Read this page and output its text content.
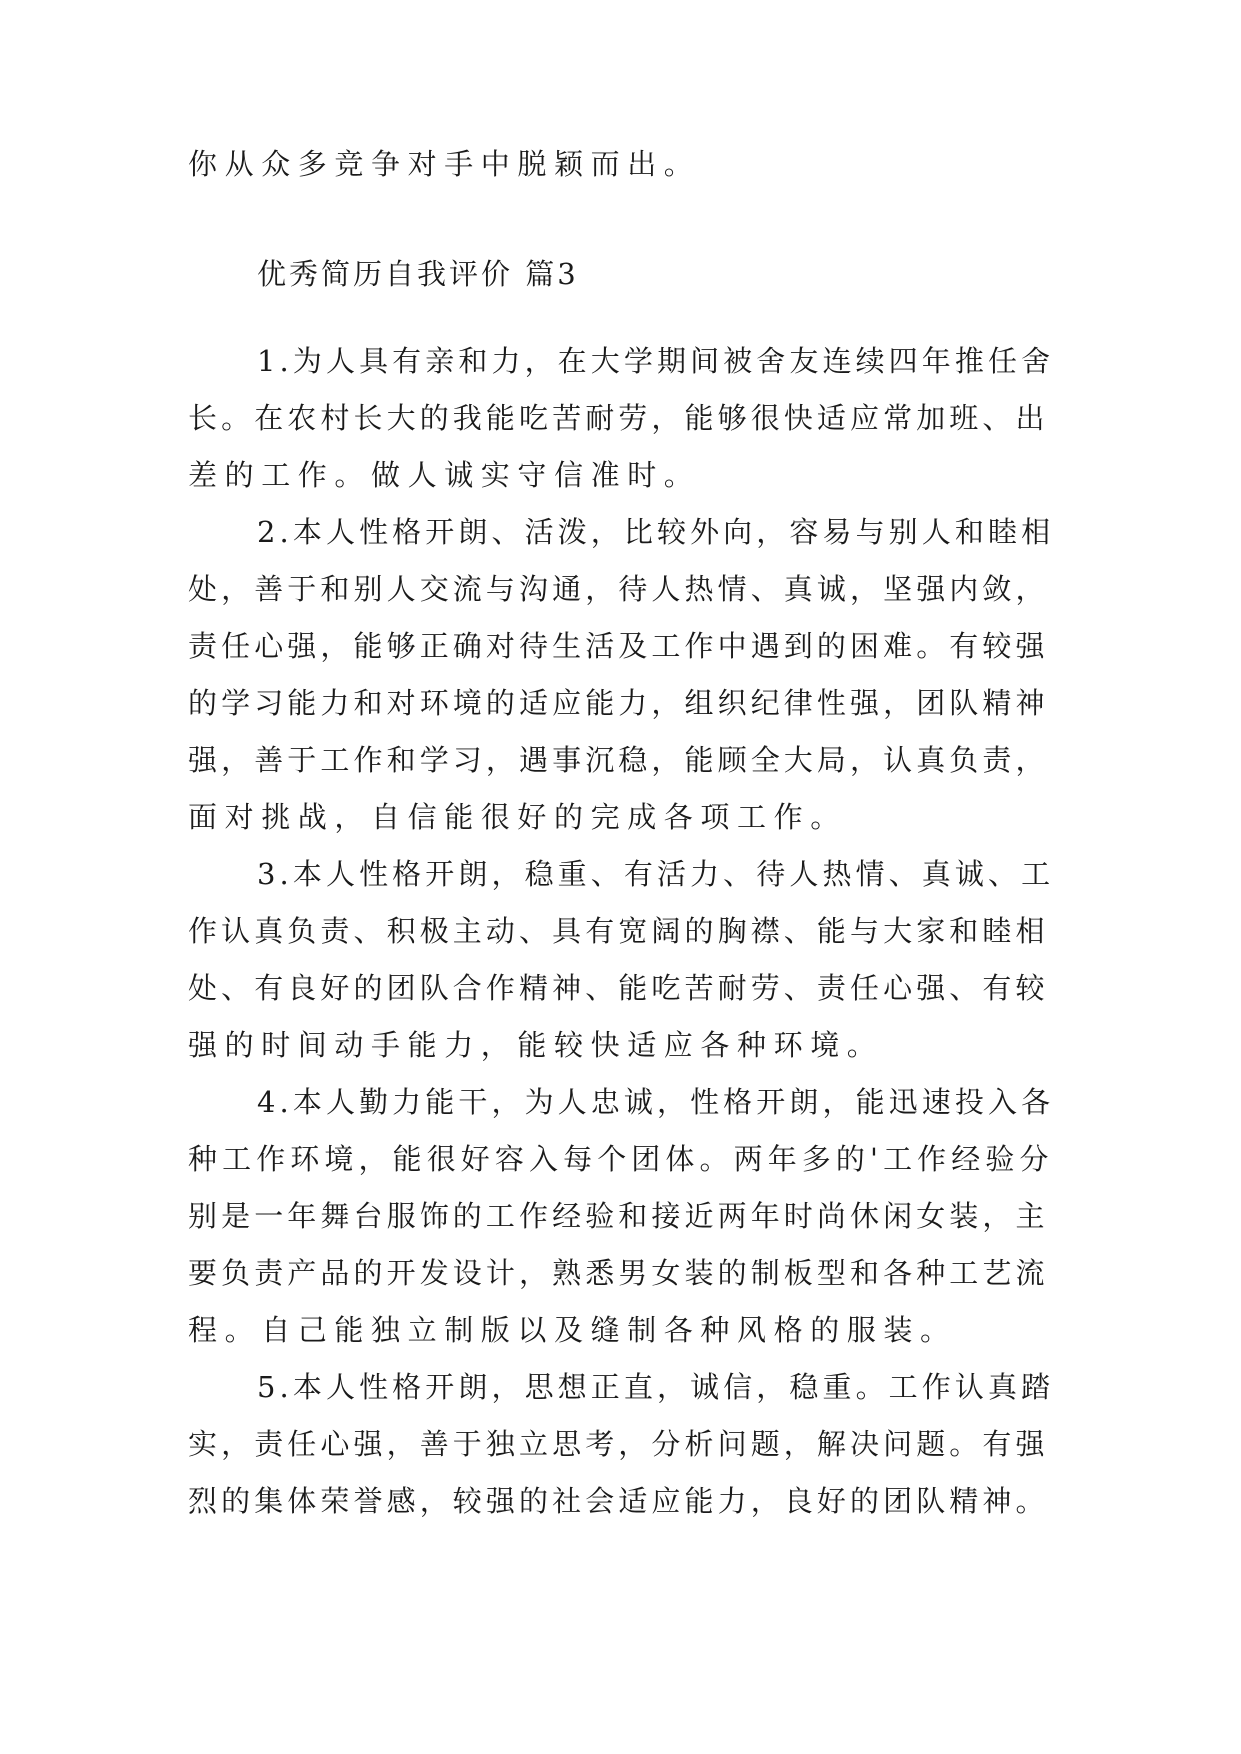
你从众多竞争对手中脱颖而出。
优秀简历自我评价 篇3
1.为人具有亲和力，在大学期间被舍友连续四年推任舍
长。在农村长大的我能吃苦耐劳，能够很快适应常加班、出
差的工作。做人诚实守信准时。
2.本人性格开朗、活泼，比较外向，容易与别人和睦相
处，善于和别人交流与沟通，待人热情、真诚，坚强内敛，
责任心强，能够正确对待生活及工作中遇到的困难。有较强
的学习能力和对环境的适应能力，组织纪律性强，团队精神
强，善于工作和学习，遇事沉稳，能顾全大局，认真负责，
面对挑战，自信能很好的完成各项工作。
3.本人性格开朗，稳重、有活力、待人热情、真诚、工
作认真负责、积极主动、具有宽阔的胸襟、能与大家和睦相
处、有良好的团队合作精神、能吃苦耐劳、责任心强、有较
强的时间动手能力，能较快适应各种环境。
4.本人勤力能干，为人忠诚，性格开朗，能迅速投入各
种工作环境，能很好容入每个团体。两年多的'工作经验分
别是一年舞台服饰的工作经验和接近两年时尚休闲女装，主
要负责产品的开发设计，熟悉男女装的制板型和各种工艺流
程。自己能独立制版以及缝制各种风格的服装。
5.本人性格开朗，思想正直，诚信，稳重。工作认真踏
实，责任心强，善于独立思考，分析问题，解决问题。有强
烈的集体荣誉感，较强的社会适应能力，良好的团队精神。
